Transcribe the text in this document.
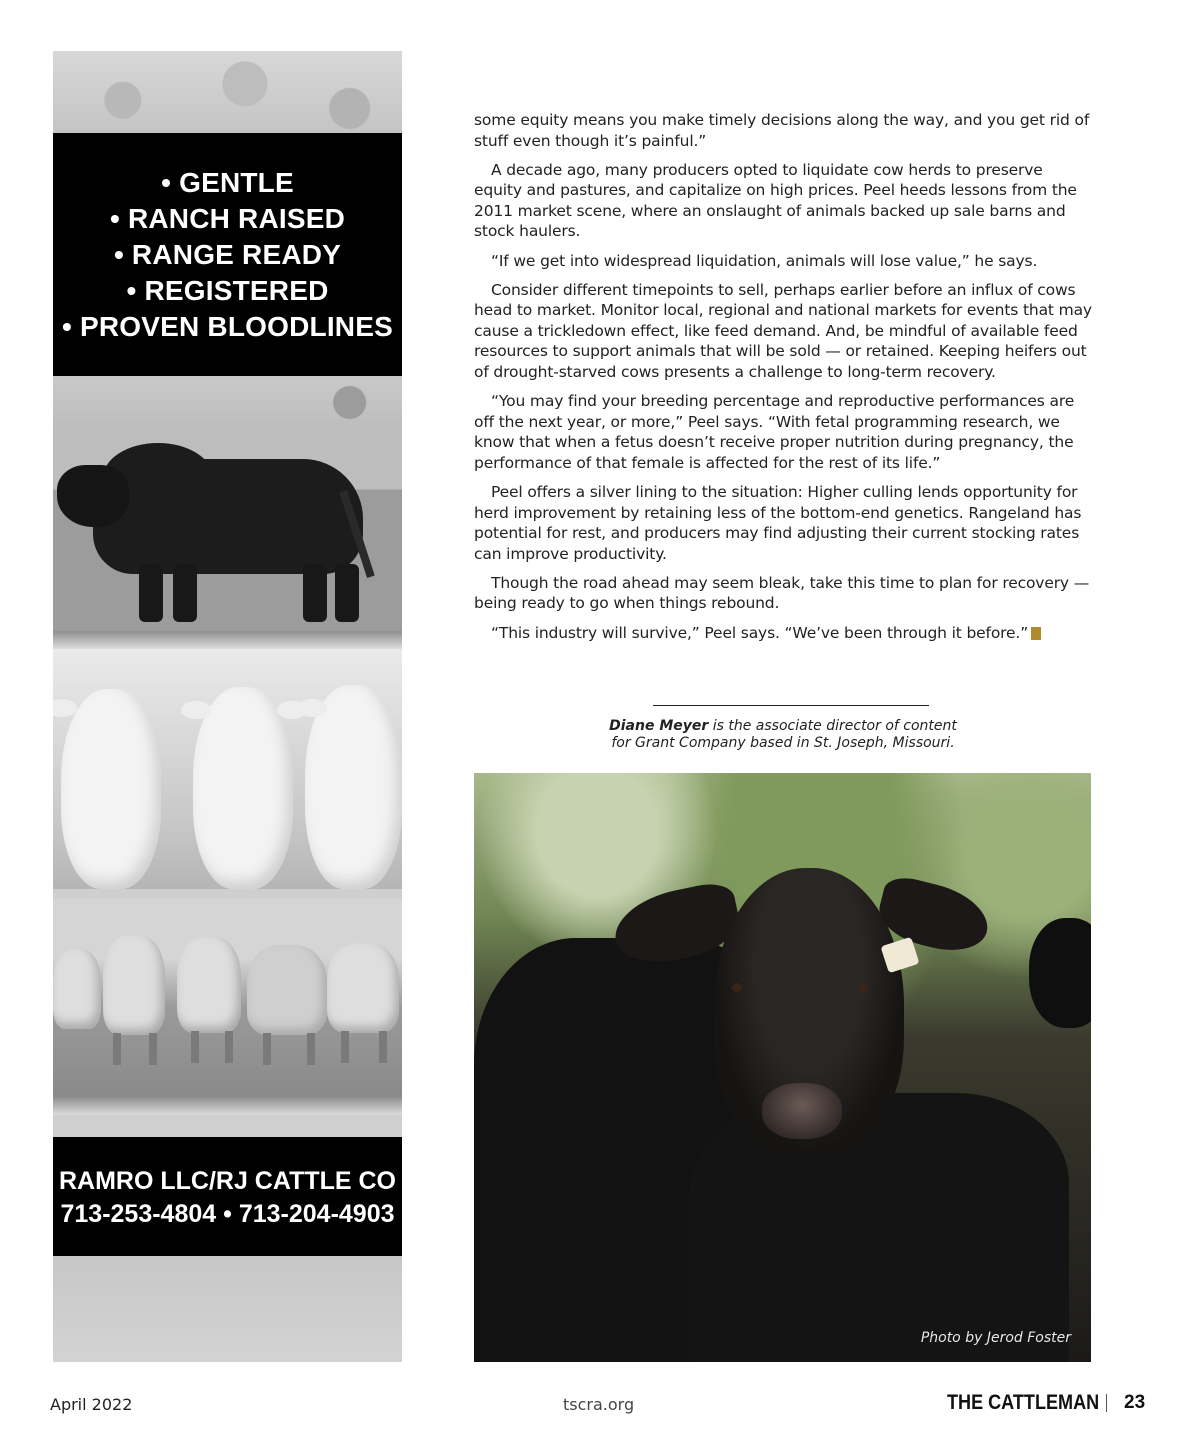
• GENTLE
• RANCH RAISED
• RANGE READY
• REGISTERED
• PROVEN BLOODLINES
RAMRO LLC/RJ CATTLE CO
713-253-4804 • 713-204-4903

some equity means you make timely decisions along the way, and you get rid of stuff even though it’s painful.”

A decade ago, many producers opted to liquidate cow herds to preserve equity and pastures, and capitalize on high prices. Peel heeds lessons from the 2011 market scene, where an onslaught of animals backed up sale barns and stock haulers.

“If we get into widespread liquidation, animals will lose value,” he says.

Consider different timepoints to sell, perhaps earlier before an influx of cows head to market. Monitor local, regional and national markets for events that may cause a trickledown effect, like feed demand. And, be mindful of available feed resources to support animals that will be sold — or retained. Keeping heifers out of drought-starved cows presents a challenge to long-term recovery.

“You may find your breeding percentage and reproductive performances are off the next year, or more,” Peel says. “With fetal programming research, we know that when a fetus doesn’t receive proper nutrition during pregnancy, the performance of that female is affected for the rest of its life.”

Peel offers a silver lining to the situation: Higher culling lends opportunity for herd improvement by retaining less of the bottom-end genetics. Rangeland has potential for rest, and producers may find adjusting their current stocking rates can improve productivity.

Though the road ahead may seem bleak, take this time to plan for recovery — being ready to go when things rebound.

“This industry will survive,” Peel says. “We’ve been through it before.” C

Diane Meyer is the associate director of content
for Grant Company based in St. Joseph, Missouri.
Photo by Jerod Foster
April 2022	tscra.org	THE CATTLEMAN 23
